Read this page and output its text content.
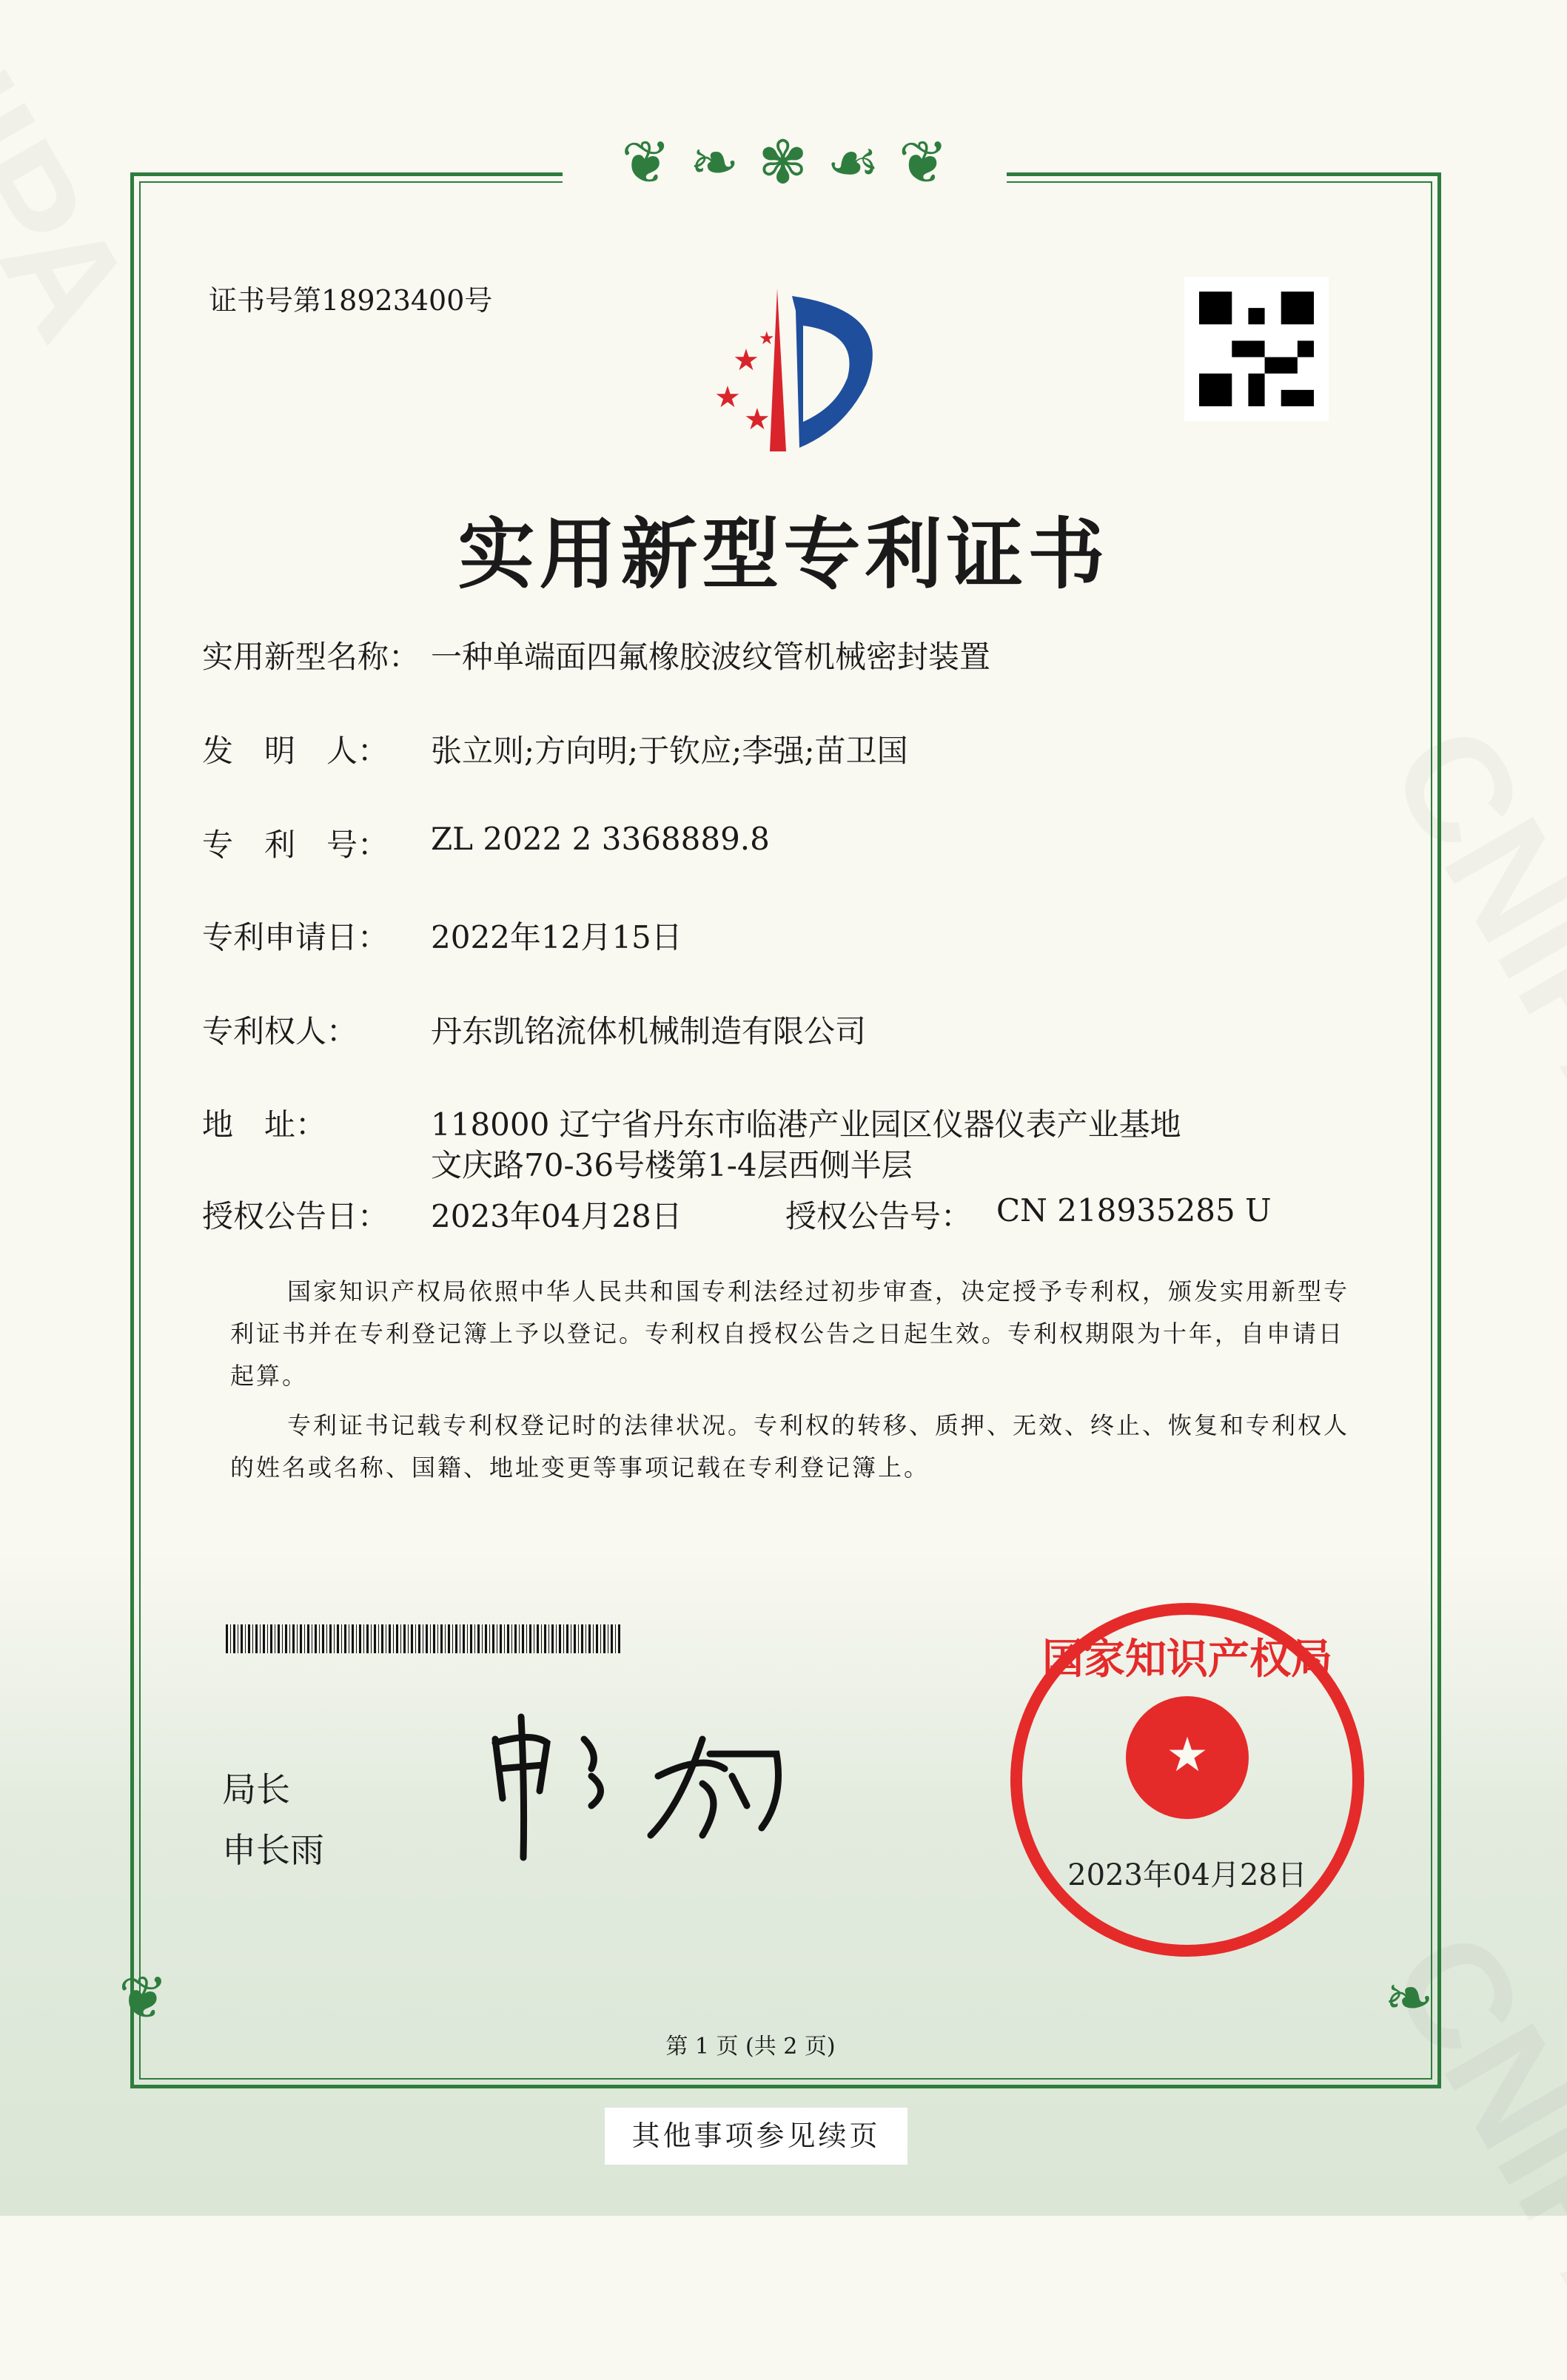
❦ ❧ ✾ ☙ ❦
❦	❧
证书号第18923400号
★
★
★
★
实用新型专利证书
实用新型名称： 一种单端面四氟橡胶波纹管机械密封装置
发　明　人：	张立则;方向明;于钦应;李强;苗卫国
专　利　号：	ZL 2022 2 3368889.8
专利申请日：	2022年12月15日
专利权人：	丹东凯铭流体机械制造有限公司
地　址：	118000 辽宁省丹东市临港产业园区仪器仪表产业基地
文庆路70-36号楼第1-4层西侧半层
授权公告日：	2023年04月28日	授权公告号： CN 218935285 U
国家知识产权局依照中华人民共和国专利法经过初步审查，决定授予专利权，颁发实用新型专利证书并在专利登记簿上予以登记。专利权自授权公告之日起生效。专利权期限为十年，自申请日起算。
专利证书记载专利权登记时的法律状况。专利权的转移、质押、无效、终止、恢复和专利权人的姓名或名称、国籍、地址变更等事项记载在专利登记簿上。
局长
申长雨
国家知识产权局
★
2023年04月28日
第 1 页 (共 2 页)
其他事项参见续页
